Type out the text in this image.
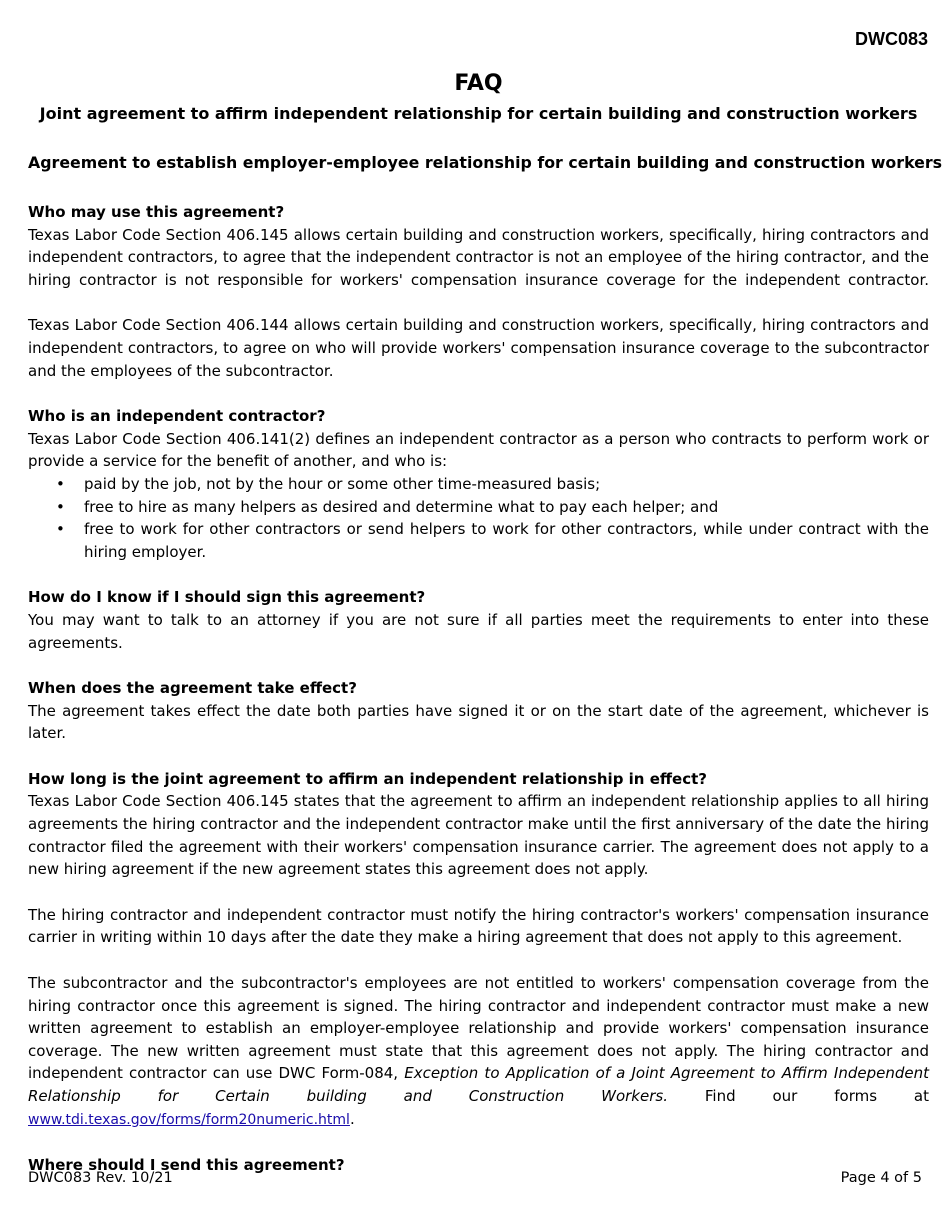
DWC083
FAQ
Joint agreement to affirm independent relationship for certain building and construction workers
Agreement to establish employer-employee relationship for certain building and construction workers
Who may use this agreement?

Texas Labor Code Section 406.145 allows certain building and construction workers, specifically, hiring contractors and independent contractors, to agree that the independent contractor is not an employee of the hiring contractor, and the hiring contractor is not responsible for workers' compensation insurance coverage for the independent contractor.

Texas Labor Code Section 406.144 allows certain building and construction workers, specifically, hiring contractors and independent contractors, to agree on who will provide workers' compensation insurance coverage to the subcontractor and the employees of the subcontractor.

Who is an independent contractor?

Texas Labor Code Section 406.141(2) defines an independent contractor as a person who contracts to perform work or provide a service for the benefit of another, and who is:

• paid by the job, not by the hour or some other time-measured basis;
• free to hire as many helpers as desired and determine what to pay each helper; and
• free to work for other contractors or send helpers to work for other contractors, while under contract with the hiring employer.
How do I know if I should sign this agreement?

You may want to talk to an attorney if you are not sure if all parties meet the requirements to enter into these agreements.

When does the agreement take effect?

The agreement takes effect the date both parties have signed it or on the start date of the agreement, whichever is later.

How long is the joint agreement to affirm an independent relationship in effect?

Texas Labor Code Section 406.145 states that the agreement to affirm an independent relationship applies to all hiring agreements the hiring contractor and the independent contractor make until the first anniversary of the date the hiring contractor filed the agreement with their workers' compensation insurance carrier. The agreement does not apply to a new hiring agreement if the new agreement states this agreement does not apply.

The hiring contractor and independent contractor must notify the hiring contractor's workers' compensation insurance carrier in writing within 10 days after the date they make a hiring agreement that does not apply to this agreement.

The subcontractor and the subcontractor's employees are not entitled to workers' compensation coverage from the hiring contractor once this agreement is signed. The hiring contractor and independent contractor must make a new written agreement to establish an employer-employee relationship and provide workers' compensation insurance coverage. The new written agreement must state that this agreement does not apply. The hiring contractor and independent contractor can use DWC Form-084, Exception to Application of a Joint Agreement to Affirm Independent Relationship for Certain building and Construction Workers. Find our forms at www.tdi.texas.gov/forms/form20numeric.html.

Where should I send this agreement?
DWC083 Rev. 10/21	Page 4 of 5
